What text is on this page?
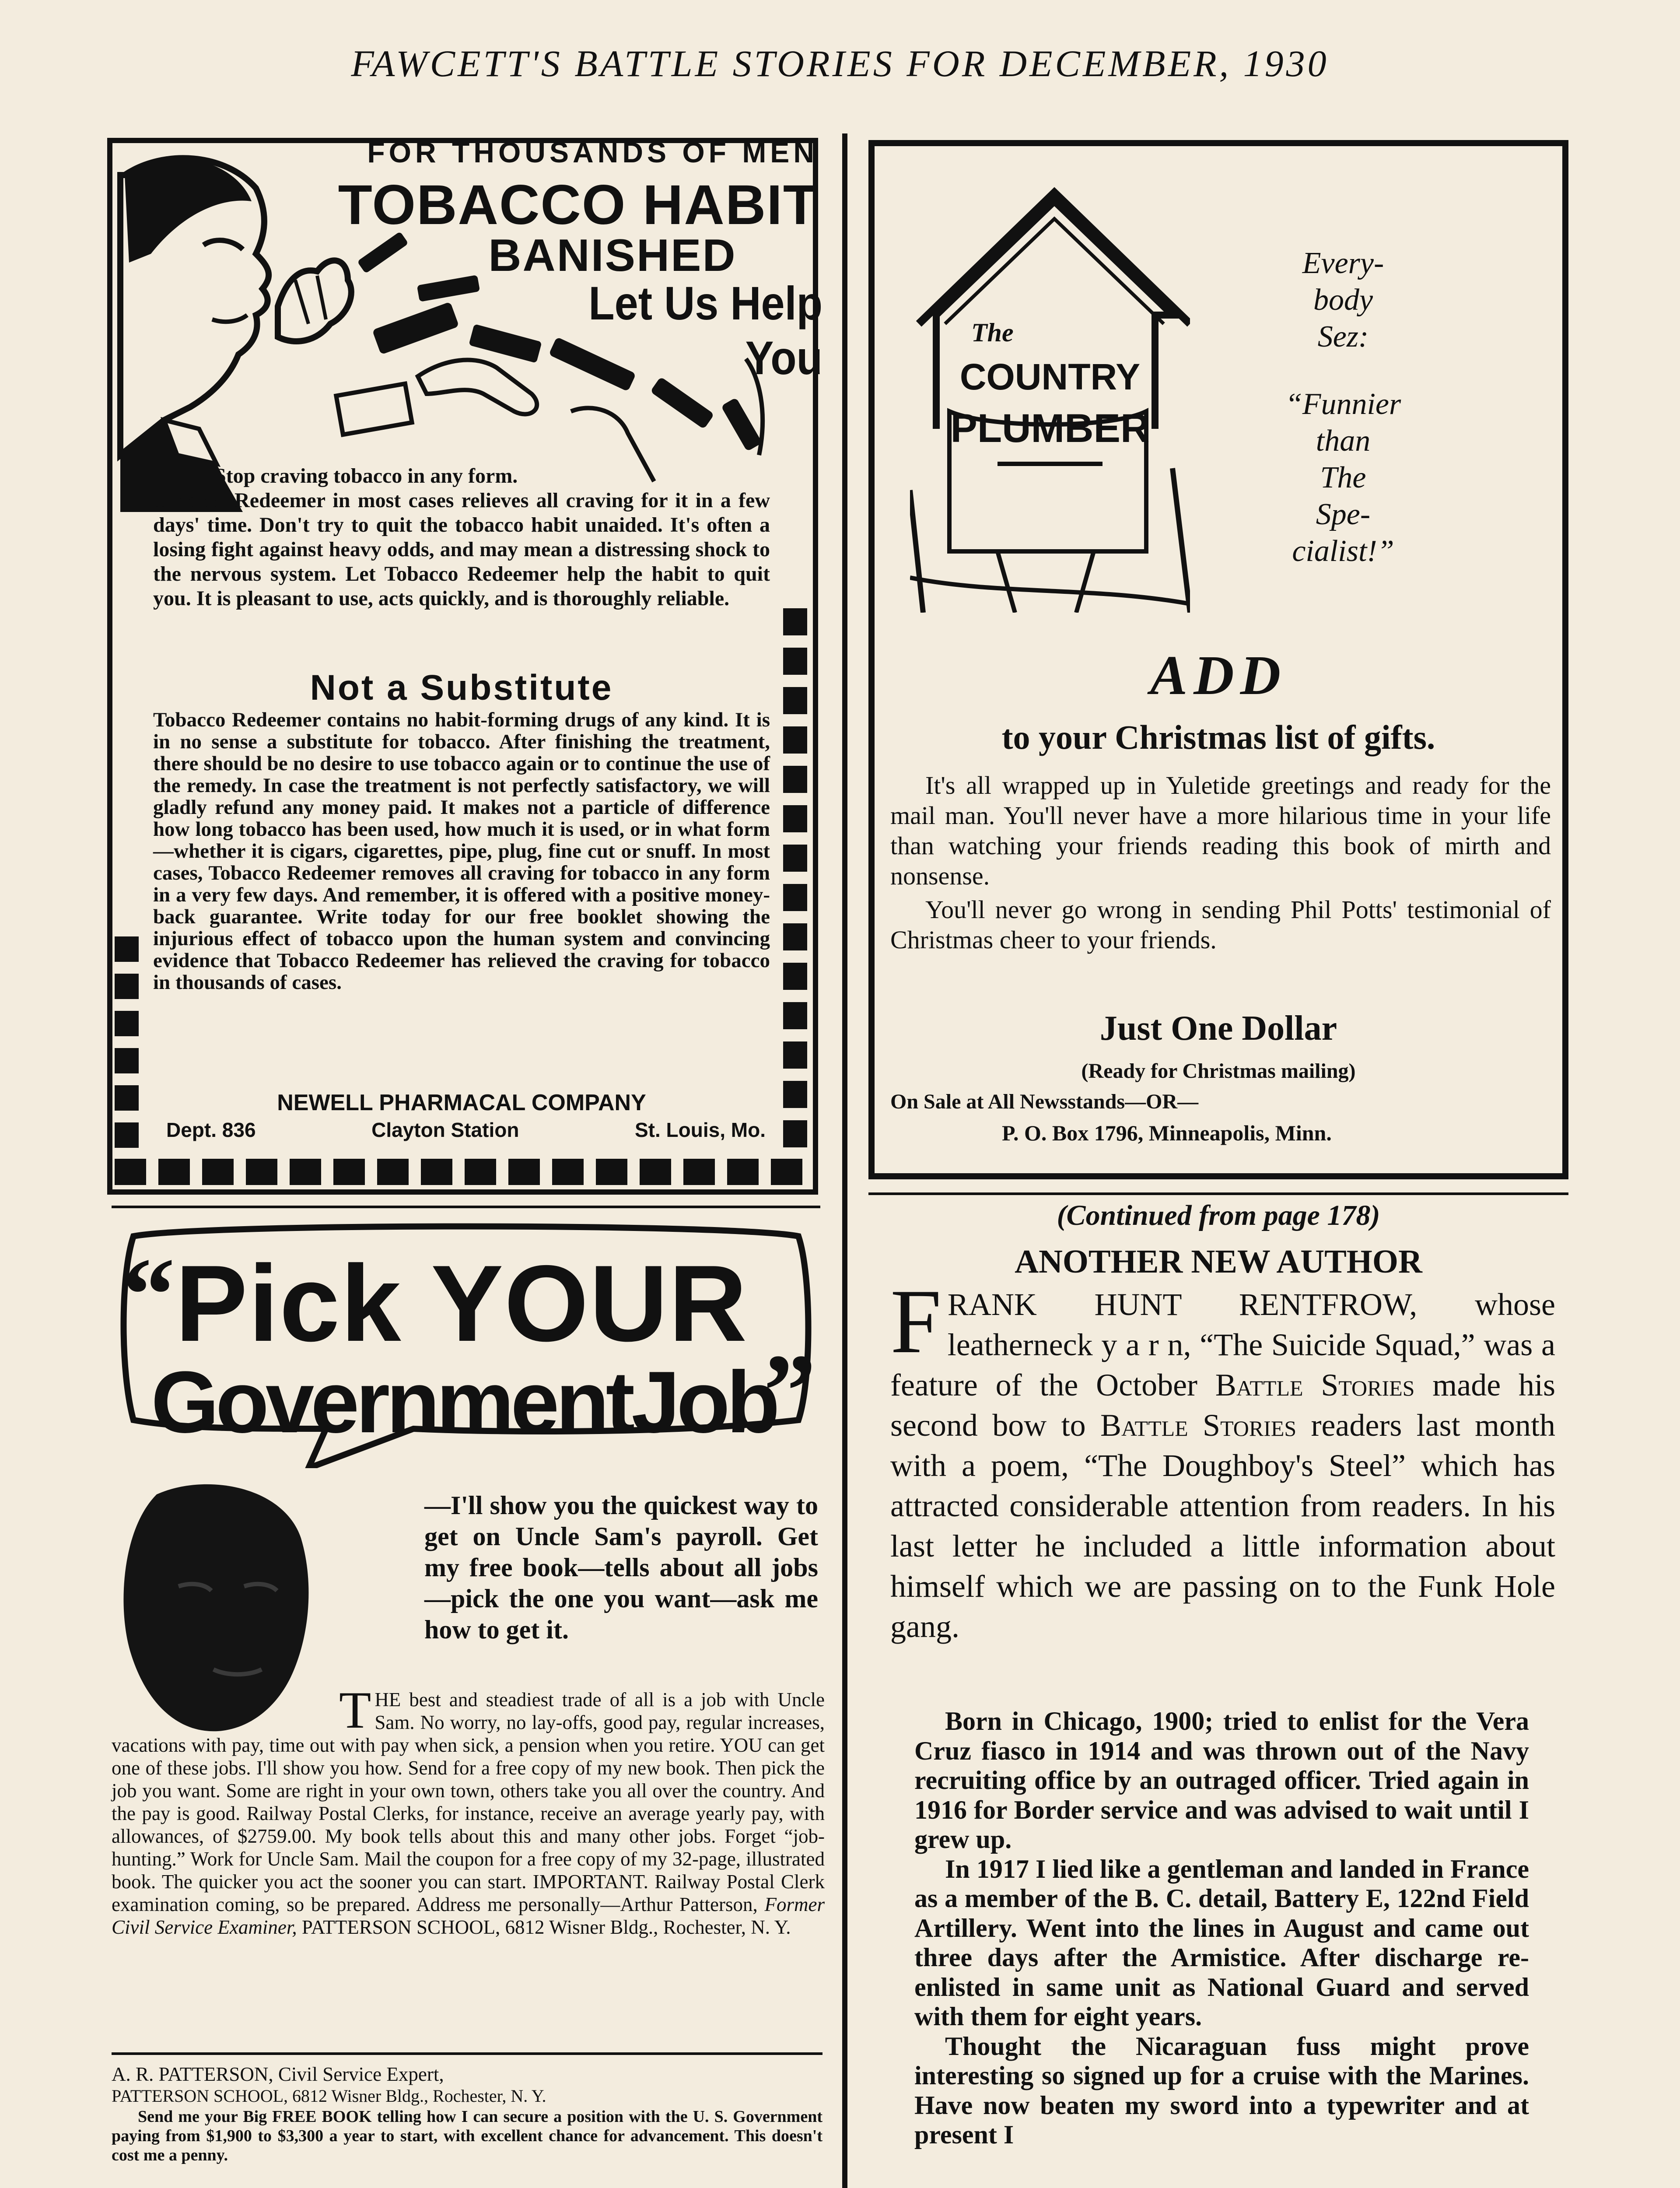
FAWCETT'S BATTLE STORIES FOR DECEMBER, 1930
FOR THOUSANDS OF MEN
TOBACCO HABIT
BANISHED
Let Us Help You

Stop craving tobacco in any form.

Tobacco Redeemer in most cases relieves all craving for it in a few days' time. Don't try to quit the tobacco habit unaided. It's often a losing fight against heavy odds, and may mean a distressing shock to the nervous system. Let Tobacco Redeemer help the habit to quit you. It is pleasant to use, acts quickly, and is thoroughly reliable.

Not a Substitute
Tobacco Redeemer contains no habit-forming drugs of any kind. It is in no sense a substitute for tobacco. After finishing the treatment, there should be no desire to use tobacco again or to continue the use of the remedy. In case the treatment is not perfectly satisfactory, we will gladly refund any money paid. It makes not a particle of difference how long tobacco has been used, how much it is used, or in what form—whether it is cigars, cigarettes, pipe, plug, fine cut or snuff. In most cases, Tobacco Redeemer removes all craving for tobacco in any form in a very few days. And remember, it is offered with a positive money-back guarantee. Write today for our free booklet showing the injurious effect of tobacco upon the human system and convincing evidence that Tobacco Redeemer has relieved the craving for tobacco in thousands of cases.
NEWELL PHARMACAL COMPANY
Dept. 836	Clayton Station	St. Louis, Mo.
The
COUNTRY
PLUMBER
Every-
body
Sez:
“Funnier
than
The
Spe-
cialist!”
ADD
to your Christmas list of gifts.

It's all wrapped up in Yuletide greetings and ready for the mail man. You'll never have a more hilarious time in your life than watching your friends reading this book of mirth and nonsense.

You'll never go wrong in sending Phil Potts' testimonial of Christmas cheer to your friends.

Just One Dollar
(Ready for Christmas mailing)
On Sale at All Newsstands—OR—
P. O. Box 1796, Minneapolis, Minn.
“ Pick YOUR
GovernmentJob
”
—I'll show you the quickest way to get on Uncle Sam's payroll. Get my free book—tells about all jobs—pick the one you want—ask me how to get it.
THE best and steadiest trade of all is a job with Uncle Sam. No worry, no lay-offs, good pay, regular increases, vacations with pay, time out with pay when sick, a pension when you retire. YOU can get one of these jobs. I'll show you how. Send for a free copy of my new book. Then pick the job you want. Some are right in your own town, others take you all over the country. And the pay is good. Railway Postal Clerks, for instance, receive an average yearly pay, with allowances, of $2759.00. My book tells about this and many other jobs. Forget “job-hunting.” Work for Uncle Sam. Mail the coupon for a free copy of my 32-page, illustrated book. The quicker you act the sooner you can start. IMPORTANT. Railway Postal Clerk examination coming, so be prepared. Address me personally—Arthur Patterson, Former Civil Service Examiner, PATTERSON SCHOOL, 6812 Wisner Bldg., Rochester, N. Y.
A. R. PATTERSON, Civil Service Expert,
PATTERSON SCHOOL, 6812 Wisner Bldg., Rochester, N. Y.
Send me your Big FREE BOOK telling how I can secure a position with the U. S. Government paying from $1,900 to $3,300 a year to start, with excellent chance for advancement. This doesn't cost me a penny.
(Continued from page 178)
ANOTHER NEW AUTHOR
FRANK HUNT RENTFROW, whose leatherneck y a r n, “The Suicide Squad,” was a feature of the October Battle Stories made his second bow to Battle Stories readers last month with a poem, “The Doughboy's Steel” which has attracted considerable attention from readers. In his last letter he included a little information about himself which we are passing on to the Funk Hole gang.

Born in Chicago, 1900; tried to enlist for the Vera Cruz fiasco in 1914 and was thrown out of the Navy recruiting office by an outraged officer. Tried again in 1916 for Border service and was advised to wait until I grew up.

In 1917 I lied like a gentleman and landed in France as a member of the B. C. detail, Battery E, 122nd Field Artillery. Went into the lines in August and came out three days after the Armistice. After discharge re-enlisted in same unit as National Guard and served with them for eight years.

Thought the Nicaraguan fuss might prove interesting so signed up for a cruise with the Marines. Have now beaten my sword into a typewriter and at present I
